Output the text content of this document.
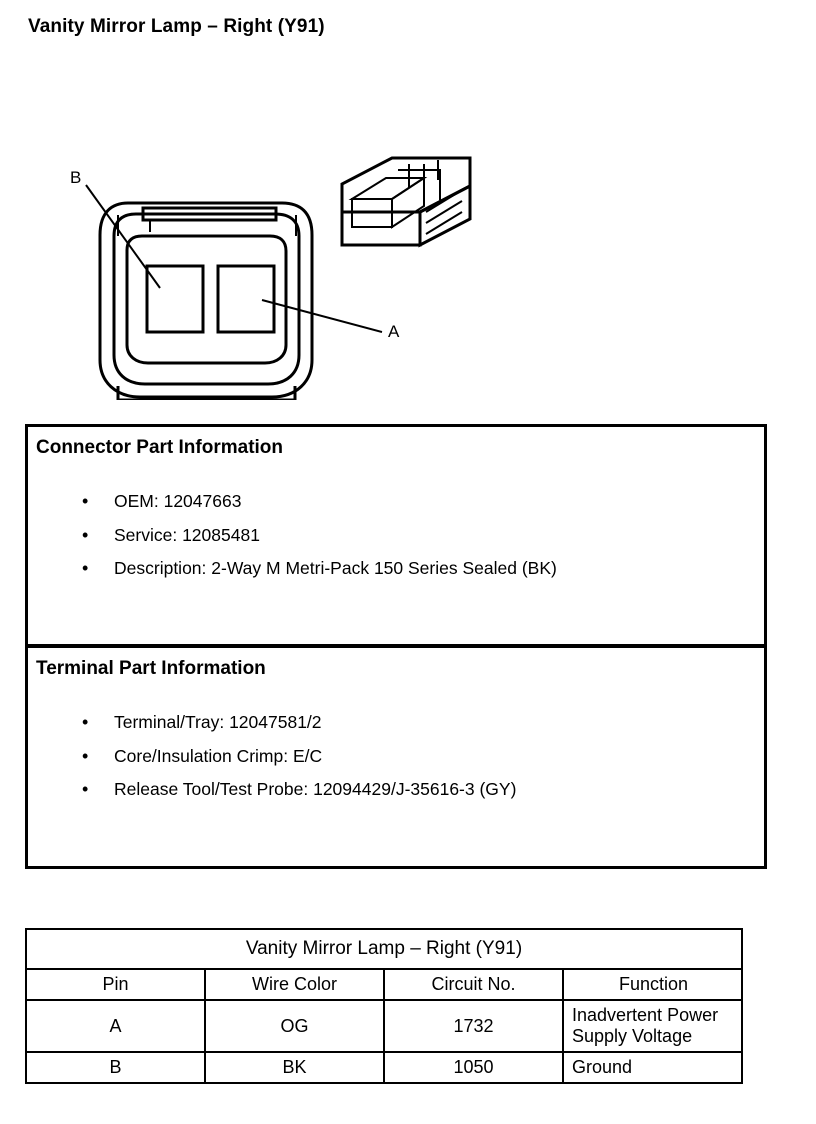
Vanity Mirror Lamp – Right (Y91)
B
A
Connector Part Information
• OEM: 12047663
• Service: 12085481
• Description: 2-Way M Metri-Pack 150 Series Sealed (BK)
Terminal Part Information
• Terminal/Tray: 12047581/2
• Core/Insulation Crimp: E/C
• Release Tool/Test Probe: 12094429/J-35616-3 (GY)
Vanity Mirror Lamp – Right (Y91)			
Pin	Wire Color	Circuit No.	Function
A	OG	1732	Inadvertent Power Supply Voltage
B	BK	1050	Ground
